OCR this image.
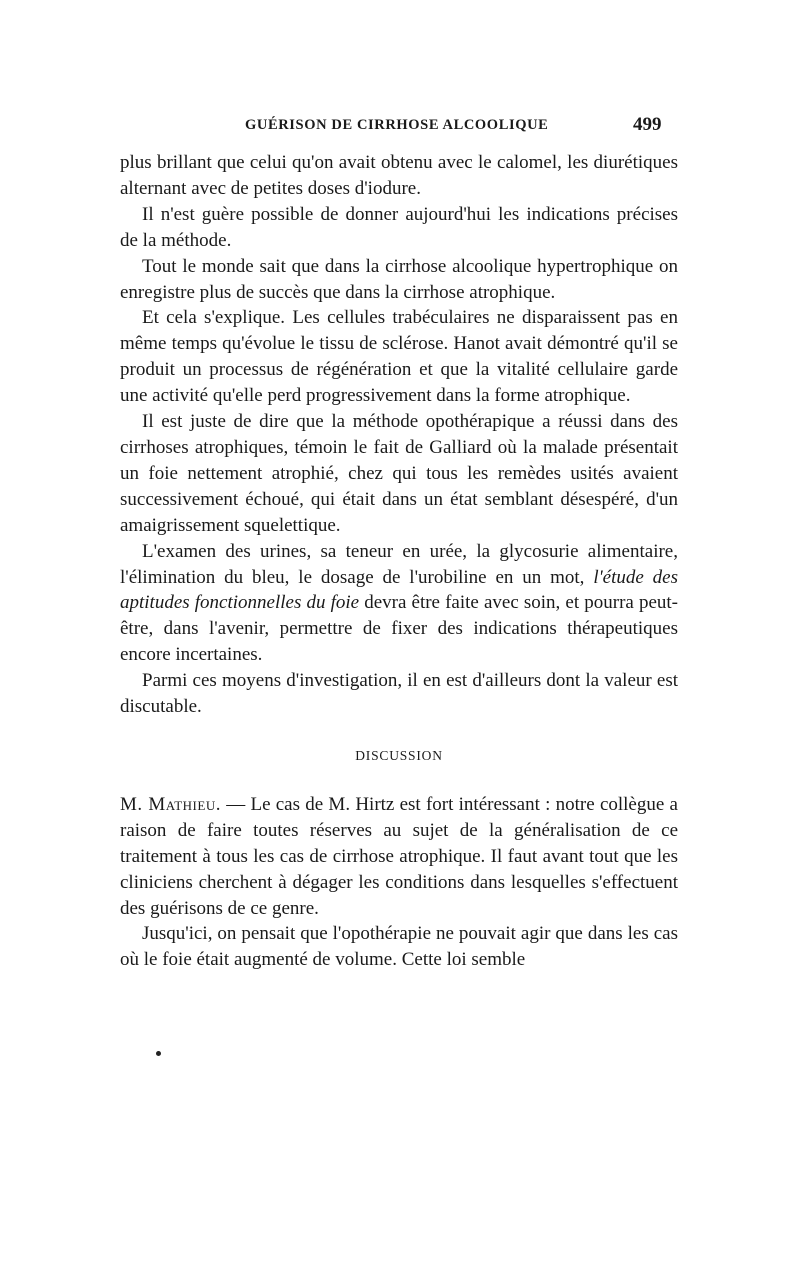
GUÉRISON DE CIRRHOSE ALCOOLIQUE	499

plus brillant que celui qu'on avait obtenu avec le calomel, les diurétiques alternant avec de petites doses d'iodure.

Il n'est guère possible de donner aujourd'hui les indications précises de la méthode.

Tout le monde sait que dans la cirrhose alcoolique hypertrophique on enregistre plus de succès que dans la cirrhose atrophique.

Et cela s'explique. Les cellules trabéculaires ne disparaissent pas en même temps qu'évolue le tissu de sclérose. Hanot avait démontré qu'il se produit un processus de régénération et que la vitalité cellulaire garde une activité qu'elle perd progressivement dans la forme atrophique.

Il est juste de dire que la méthode opothérapique a réussi dans des cirrhoses atrophiques, témoin le fait de Galliard où la malade présentait un foie nettement atrophié, chez qui tous les remèdes usités avaient successivement échoué, qui était dans un état semblant désespéré, d'un amaigrissement squelettique.

L'examen des urines, sa teneur en urée, la glycosurie alimentaire, l'élimination du bleu, le dosage de l'urobiline en un mot, l'étude des aptitudes fonctionnelles du foie devra être faite avec soin, et pourra peut-être, dans l'avenir, permettre de fixer des indications thérapeutiques encore incertaines.

Parmi ces moyens d'investigation, il en est d'ailleurs dont la valeur est discutable.

DISCUSSION

M. Mathieu. — Le cas de M. Hirtz est fort intéressant : notre collègue a raison de faire toutes réserves au sujet de la généralisation de ce traitement à tous les cas de cirrhose atrophique. Il faut avant tout que les cliniciens cherchent à dégager les conditions dans lesquelles s'effectuent des guérisons de ce genre.

Jusqu'ici, on pensait que l'opothérapie ne pouvait agir que dans les cas où le foie était augmenté de volume. Cette loi semble
